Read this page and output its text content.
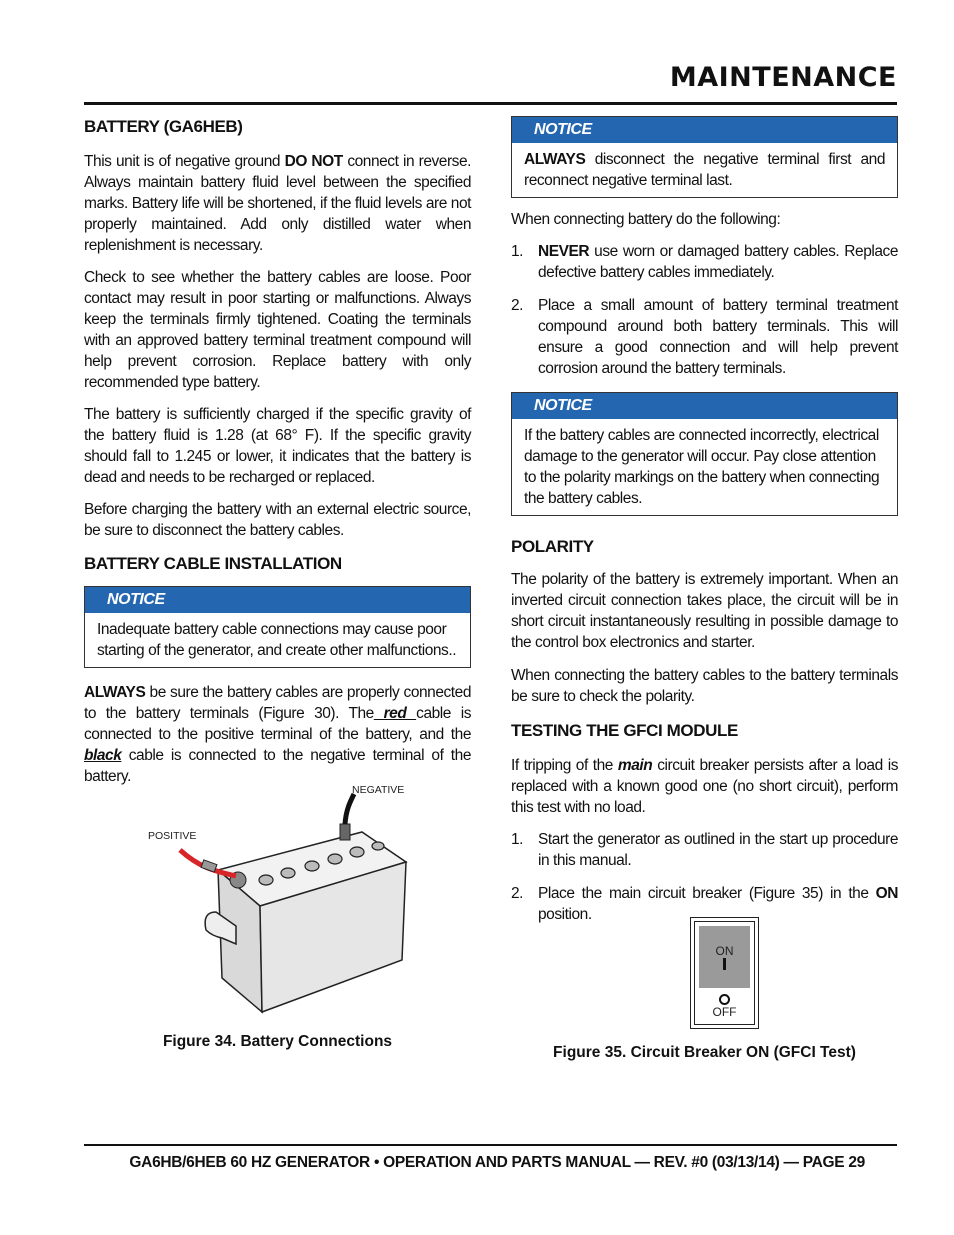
MAINTENANCE
BATTERY (GA6HEB)

This unit is of negative ground DO NOT connect in reverse. Always maintain battery fluid level between the specified marks. Battery life will be shortened, if the fluid levels are not properly maintained. Add only distilled water when replenishment is necessary.

Check to see whether the battery cables are loose. Poor contact may result in poor starting or malfunctions. Always keep the terminals firmly tightened. Coating the terminals with an approved battery terminal treatment compound will help prevent corrosion. Replace battery with only recommended type battery.

The battery is sufficiently charged if the specific gravity of the battery fluid is 1.28 (at 68° F). If the specific gravity should fall to 1.245 or lower, it indicates that the battery is dead and needs to be recharged or replaced.

Before charging the battery with an external electric source, be sure to disconnect the battery cables.

BATTERY CABLE INSTALLATION
NOTICE
Inadequate battery cable connections may cause poor starting of the generator, and create other malfunctions..

ALWAYS be sure the battery cables are properly connected to the battery terminals (Figure 30). The red cable is connected to the positive terminal of the battery, and the black cable is connected to the negative terminal of the battery.

NEGATIVE
POSITIVE
Figure 34. Battery Connections
NOTICE
ALWAYS disconnect the negative terminal first and reconnect negative terminal last.

When connecting battery do the following:

1. NEVER use worn or damaged battery cables. Replace defective battery cables immediately.
2. Place a small amount of battery terminal treatment compound around both battery terminals. This will ensure a good connection and will help prevent corrosion around the battery terminals.
NOTICE
If the battery cables are connected incorrectly, electrical damage to the generator will occur. Pay close attention to the polarity markings on the battery when connecting the battery cables.
POLARITY

The polarity of the battery is extremely important. When an inverted circuit connection takes place, the circuit will be in short circuit instantaneously resulting in possible damage to the control box electronics and starter.

When connecting the battery cables to the battery terminals be sure to check the polarity.

TESTING THE GFCI MODULE

If tripping of the main circuit breaker persists after a load is replaced with a known good one (no short circuit), perform this test with no load.

1. Start the generator as outlined in the start up procedure in this manual.
2. Place the main circuit breaker (Figure 35) in the ON position.
ON
OFF
Figure 35. Circuit Breaker ON (GFCI Test)
GA6HB/6HEB 60 HZ GENERATOR • OPERATION AND PARTS MANUAL — REV. #0 (03/13/14) — PAGE 29
